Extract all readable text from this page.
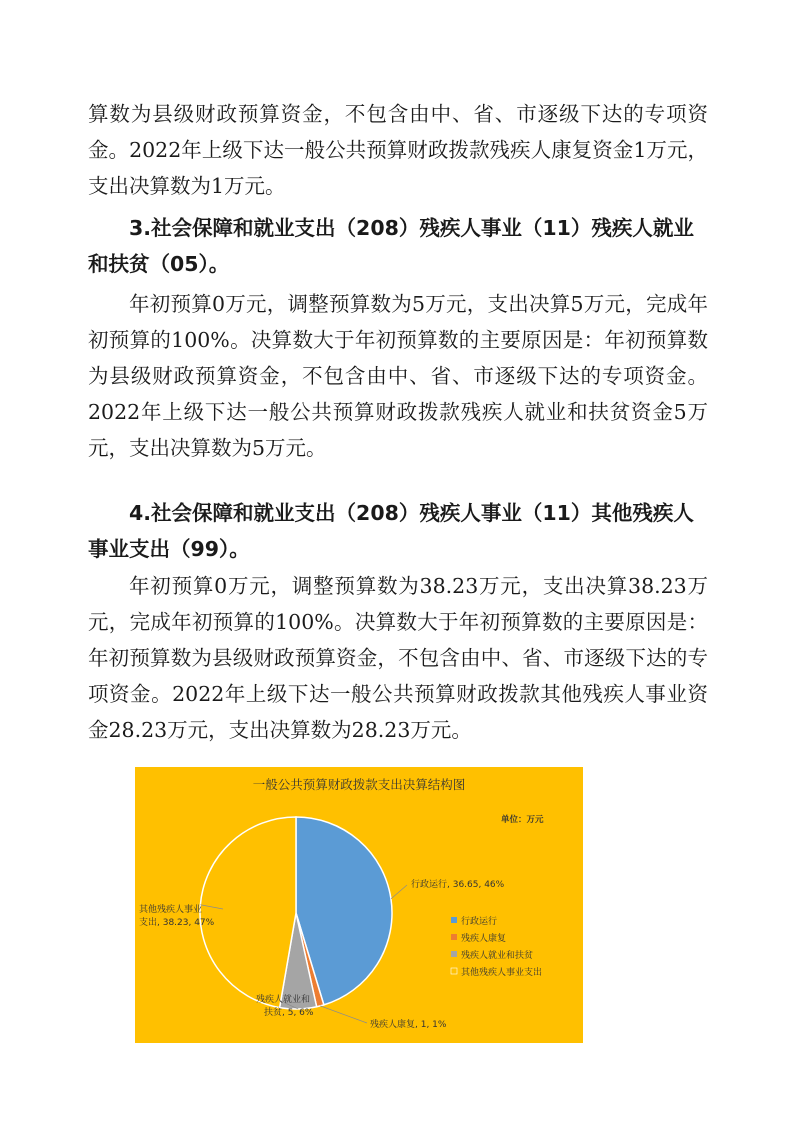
算数为县级财政预算资金，不包含由中、省、市逐级下达的专项资金。2022年上级下达一般公共预算财政拨款残疾人康复资金1万元，支出决算数为1万元。

3.社会保障和就业支出（208）残疾人事业（11）残疾人就业和扶贫（05）。

年初预算0万元，调整预算数为5万元，支出决算5万元，完成年初预算的100%。决算数大于年初预算数的主要原因是：年初预算数为县级财政预算资金，不包含由中、省、市逐级下达的专项资金。2022年上级下达一般公共预算财政拨款残疾人就业和扶贫资金5万元，支出决算数为5万元。

4.社会保障和就业支出（208）残疾人事业（11）其他残疾人事业支出（99）。

年初预算0万元，调整预算数为38.23万元，支出决算38.23万元，完成年初预算的100%。决算数大于年初预算数的主要原因是：年初预算数为县级财政预算资金，不包含由中、省、市逐级下达的专项资金。2022年上级下达一般公共预算财政拨款其他残疾人事业资金28.23万元，支出决算数为28.23万元。

一般公共预算财政拨款支出决算结构图
单位：万元
行政运行, 36.65, 46%
残疾人康复, 1, 1%
残疾人就业和
扶贫, 5, 6%
其他残疾人事业
支出, 38.23, 47%	行政运行
残疾人康复
残疾人就业和扶贫
其他残疾人事业支出
